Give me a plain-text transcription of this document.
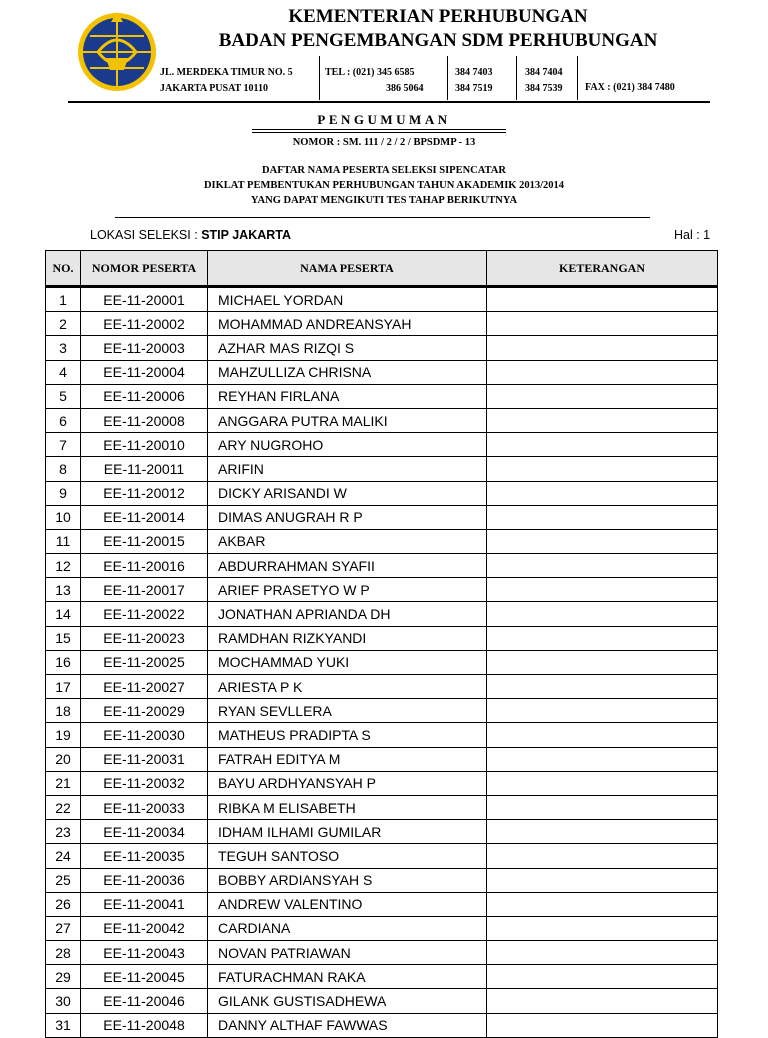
KEMENTERIAN PERHUBUNGAN
BADAN PENGEMBANGAN SDM PERHUBUNGAN
JL. MERDEKA TIMUR NO. 5
JAKARTA PUSAT 10110
TEL : (021) 345 6585
386 5064
384 7403
384 7519
384 7404
384 7539 FAX : (021) 384 7480
PENGUMUMAN
NOMOR : SM. 111 / 2 / 2 / BPSDMP - 13
DAFTAR NAMA PESERTA SELEKSI SIPENCATAR
DIKLAT PEMBENTUKAN PERHUBUNGAN TAHUN AKADEMIK 2013/2014
YANG DAPAT MENGIKUTI TES TAHAP BERIKUTNYA
LOKASI SELEKSI : STIP JAKARTA	Hal : 1
NO.	NOMOR PESERTA	NAMA PESERTA	KETERANGAN
1	EE-11-20001	MICHAEL YORDAN	
2	EE-11-20002	MOHAMMAD ANDREANSYAH	
3	EE-11-20003	AZHAR MAS RIZQI S	
4	EE-11-20004	MAHZULLIZA CHRISNA	
5	EE-11-20006	REYHAN FIRLANA	
6	EE-11-20008	ANGGARA PUTRA MALIKI	
7	EE-11-20010	ARY NUGROHO	
8	EE-11-20011	ARIFIN	
9	EE-11-20012	DICKY ARISANDI W	
10	EE-11-20014	DIMAS ANUGRAH R P	
11	EE-11-20015	AKBAR	
12	EE-11-20016	ABDURRAHMAN SYAFII	
13	EE-11-20017	ARIEF PRASETYO W P	
14	EE-11-20022	JONATHAN APRIANDA DH	
15	EE-11-20023	RAMDHAN RIZKYANDI	
16	EE-11-20025	MOCHAMMAD YUKI	
17	EE-11-20027	ARIESTA P K	
18	EE-11-20029	RYAN SEVLLERA	
19	EE-11-20030	MATHEUS PRADIPTA S	
20	EE-11-20031	FATRAH EDITYA M	
21	EE-11-20032	BAYU ARDHYANSYAH P	
22	EE-11-20033	RIBKA M ELISABETH	
23	EE-11-20034	IDHAM ILHAMI GUMILAR	
24	EE-11-20035	TEGUH SANTOSO	
25	EE-11-20036	BOBBY ARDIANSYAH S	
26	EE-11-20041	ANDREW VALENTINO	
27	EE-11-20042	CARDIANA	
28	EE-11-20043	NOVAN PATRIAWAN	
29	EE-11-20045	FATURACHMAN RAKA	
30	EE-11-20046	GILANK GUSTISADHEWA	
31	EE-11-20048	DANNY ALTHAF FAWWAS	
